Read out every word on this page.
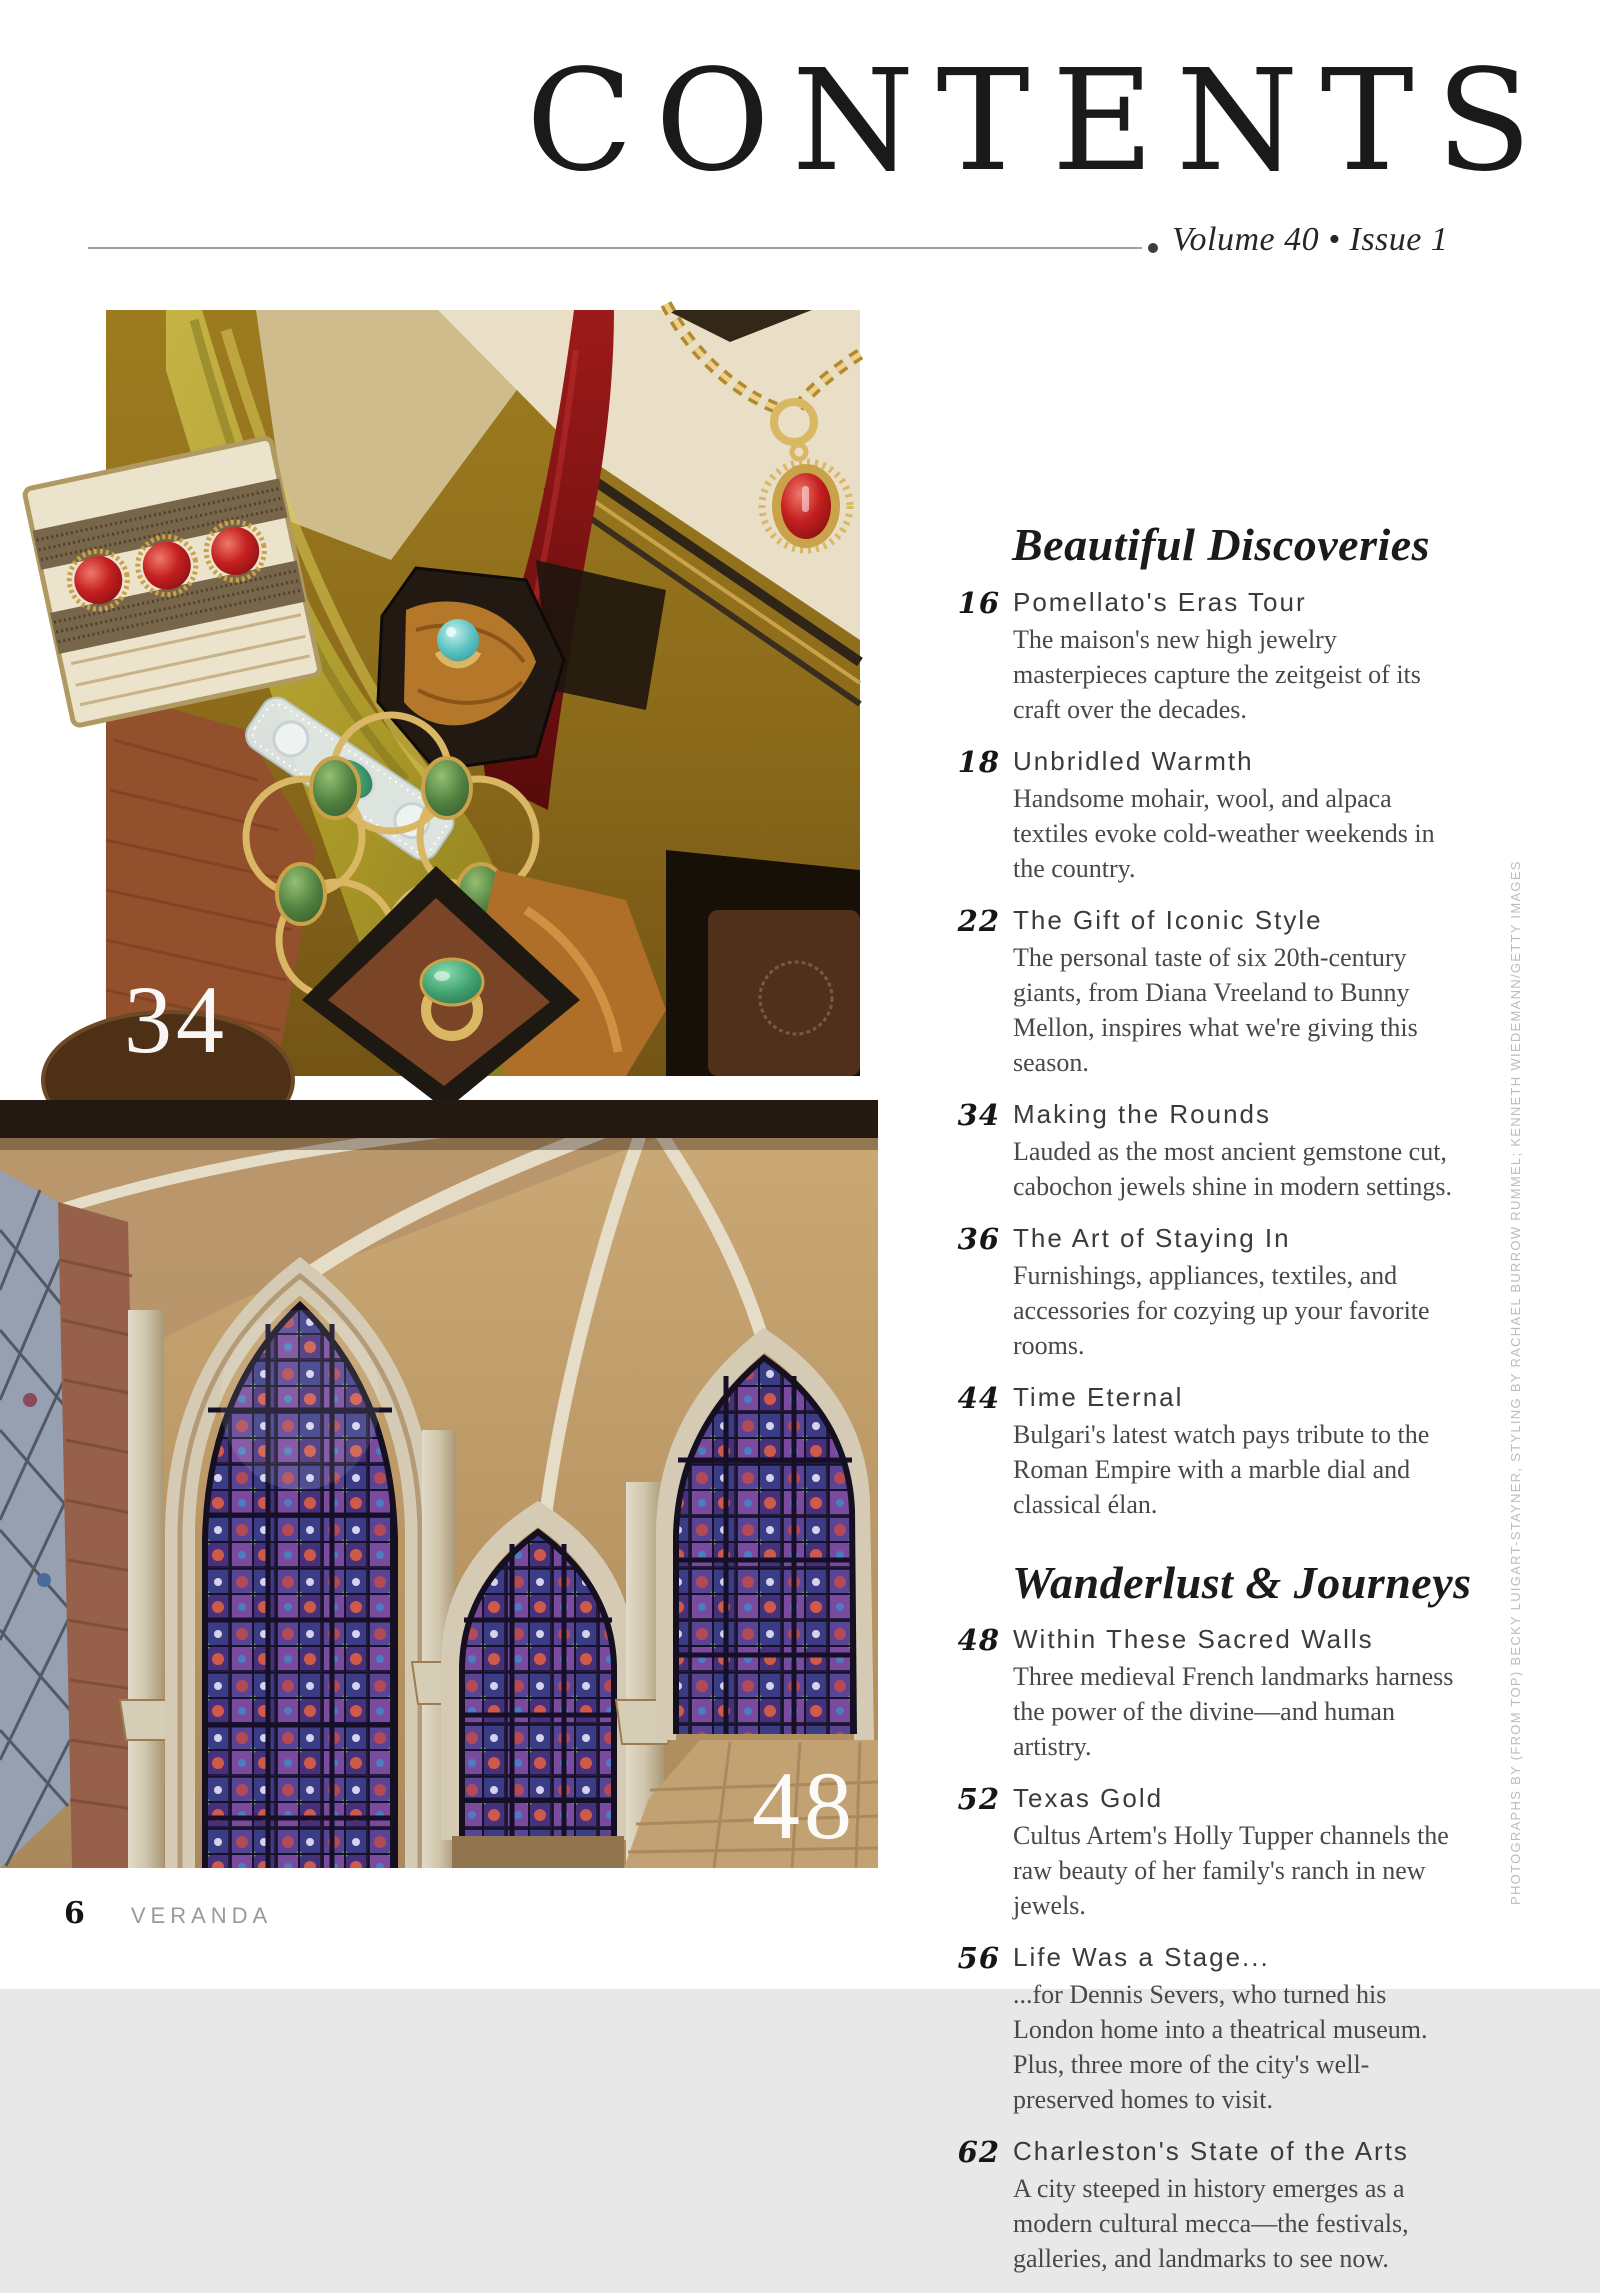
CONTENTS
Volume 40 • Issue 1
34
48
Beautiful Discoveries
16 Pomellato's Eras Tour

The maison's new high jewelry masterpieces capture the zeitgeist of its craft over the decades.

18 Unbridled Warmth

Handsome mohair, wool, and alpaca textiles evoke cold-weather weekends in the country.

22 The Gift of Iconic Style

The personal taste of six 20th-century giants, from Diana Vreeland to Bunny Mellon, inspires what we're giving this season.

34 Making the Rounds

Lauded as the most ancient gemstone cut, cabochon jewels shine in modern settings.

36 The Art of Staying In

Furnishings, appliances, textiles, and accessories for cozying up your favorite rooms.

44 Time Eternal

Bulgari's latest watch pays tribute to the Roman Empire with a marble dial and classical élan.

Wanderlust & Journeys
48 Within These Sacred Walls

Three medieval French landmarks harness the power of the divine—and human artistry.

52 Texas Gold

Cultus Artem's Holly Tupper channels the raw beauty of her family's ranch in new jewels.

56 Life Was a Stage...

...for Dennis Severs, who turned his London home into a theatrical museum. Plus, three more of the city's well-preserved homes to visit.

62 Charleston's State of the Arts

A city steeped in history emerges as a modern cultural mecca—the festivals, galleries, and landmarks to see now.

PHOTOGRAPHS BY (FROM TOP) BECKY LUIGART-STAYNER, STYLING BY RACHAEL BURROW RUMMEL; KENNETH WIEDEMANN/GETTY IMAGES
6 VERANDA
